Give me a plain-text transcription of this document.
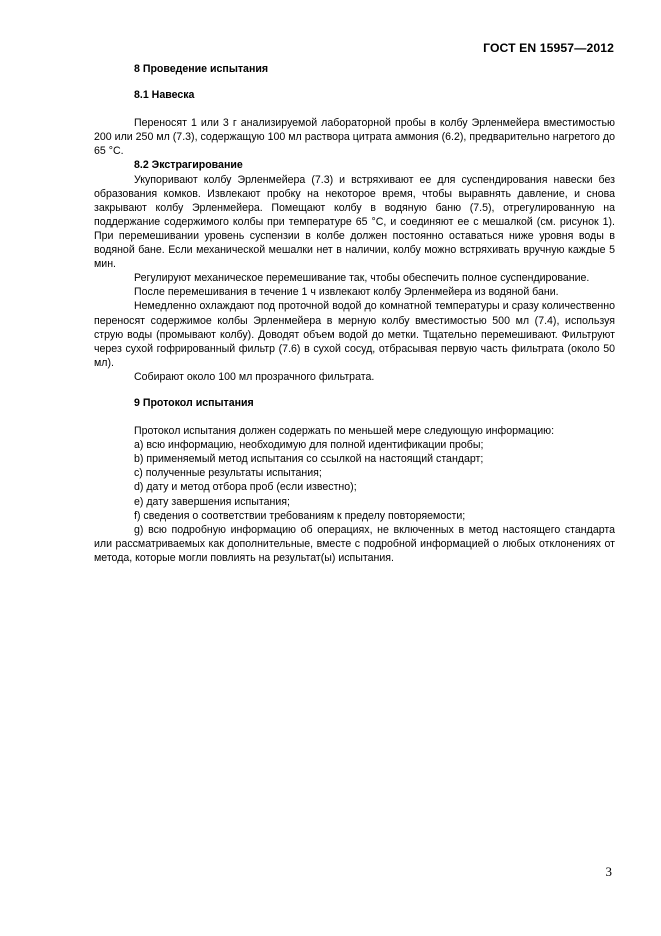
ГОСТ EN 15957—2012
8 Проведение испытания
8.1 Навеска

Переносят 1 или 3 г анализируемой лабораторной пробы в колбу Эрленмейера вместимостью 200 или 250 мл (7.3), содержащую 100 мл раствора цитрата аммония (6.2), предварительно нагретого до 65 °С.

8.2 Экстрагирование

Укупоривают колбу Эрленмейера (7.3) и встряхивают ее для суспендирования навески без образования комков. Извлекают пробку на некоторое время, чтобы выравнять давление, и снова закрывают колбу Эрленмейера. Помещают колбу в водяную баню (7.5), отрегулированную на поддержание содержимого колбы при температуре 65 °С, и соединяют ее с мешалкой (см. рисунок 1). При перемешивании уровень суспензии в колбе должен постоянно оставаться ниже уровня воды в водяной бане. Если механической мешалки нет в наличии, колбу можно встряхивать вручную каждые 5 мин.

Регулируют механическое перемешивание так, чтобы обеспечить полное суспендирование.

После перемешивания в течение 1 ч извлекают колбу Эрленмейера из водяной бани.

Немедленно охлаждают под проточной водой до комнатной температуры и сразу количественно переносят содержимое колбы Эрленмейера в мерную колбу вместимостью 500 мл (7.4), используя струю воды (промывают колбу). Доводят объем водой до метки. Тщательно перемешивают. Фильтруют через сухой гофрированный фильтр (7.6) в сухой сосуд, отбрасывая первую часть фильтрата (около 50 мл).

Собирают около 100 мл прозрачного фильтрата.

9 Протокол испытания

Протокол испытания должен содержать по меньшей мере следующую информацию:

a) всю информацию, необходимую для полной идентификации пробы;
b) применяемый метод испытания со ссылкой на настоящий стандарт;
c) полученные результаты испытания;
d) дату и метод отбора проб (если известно);
e) дату завершения испытания;
f) сведения о соответствии требованиям к пределу повторяемости;

g) всю подробную информацию об операциях, не включенных в метод настоящего стандарта или рассматриваемых как дополнительные, вместе с подробной информацией о любых отклонениях от метода, которые могли повлиять на результат(ы) испытания.

3
